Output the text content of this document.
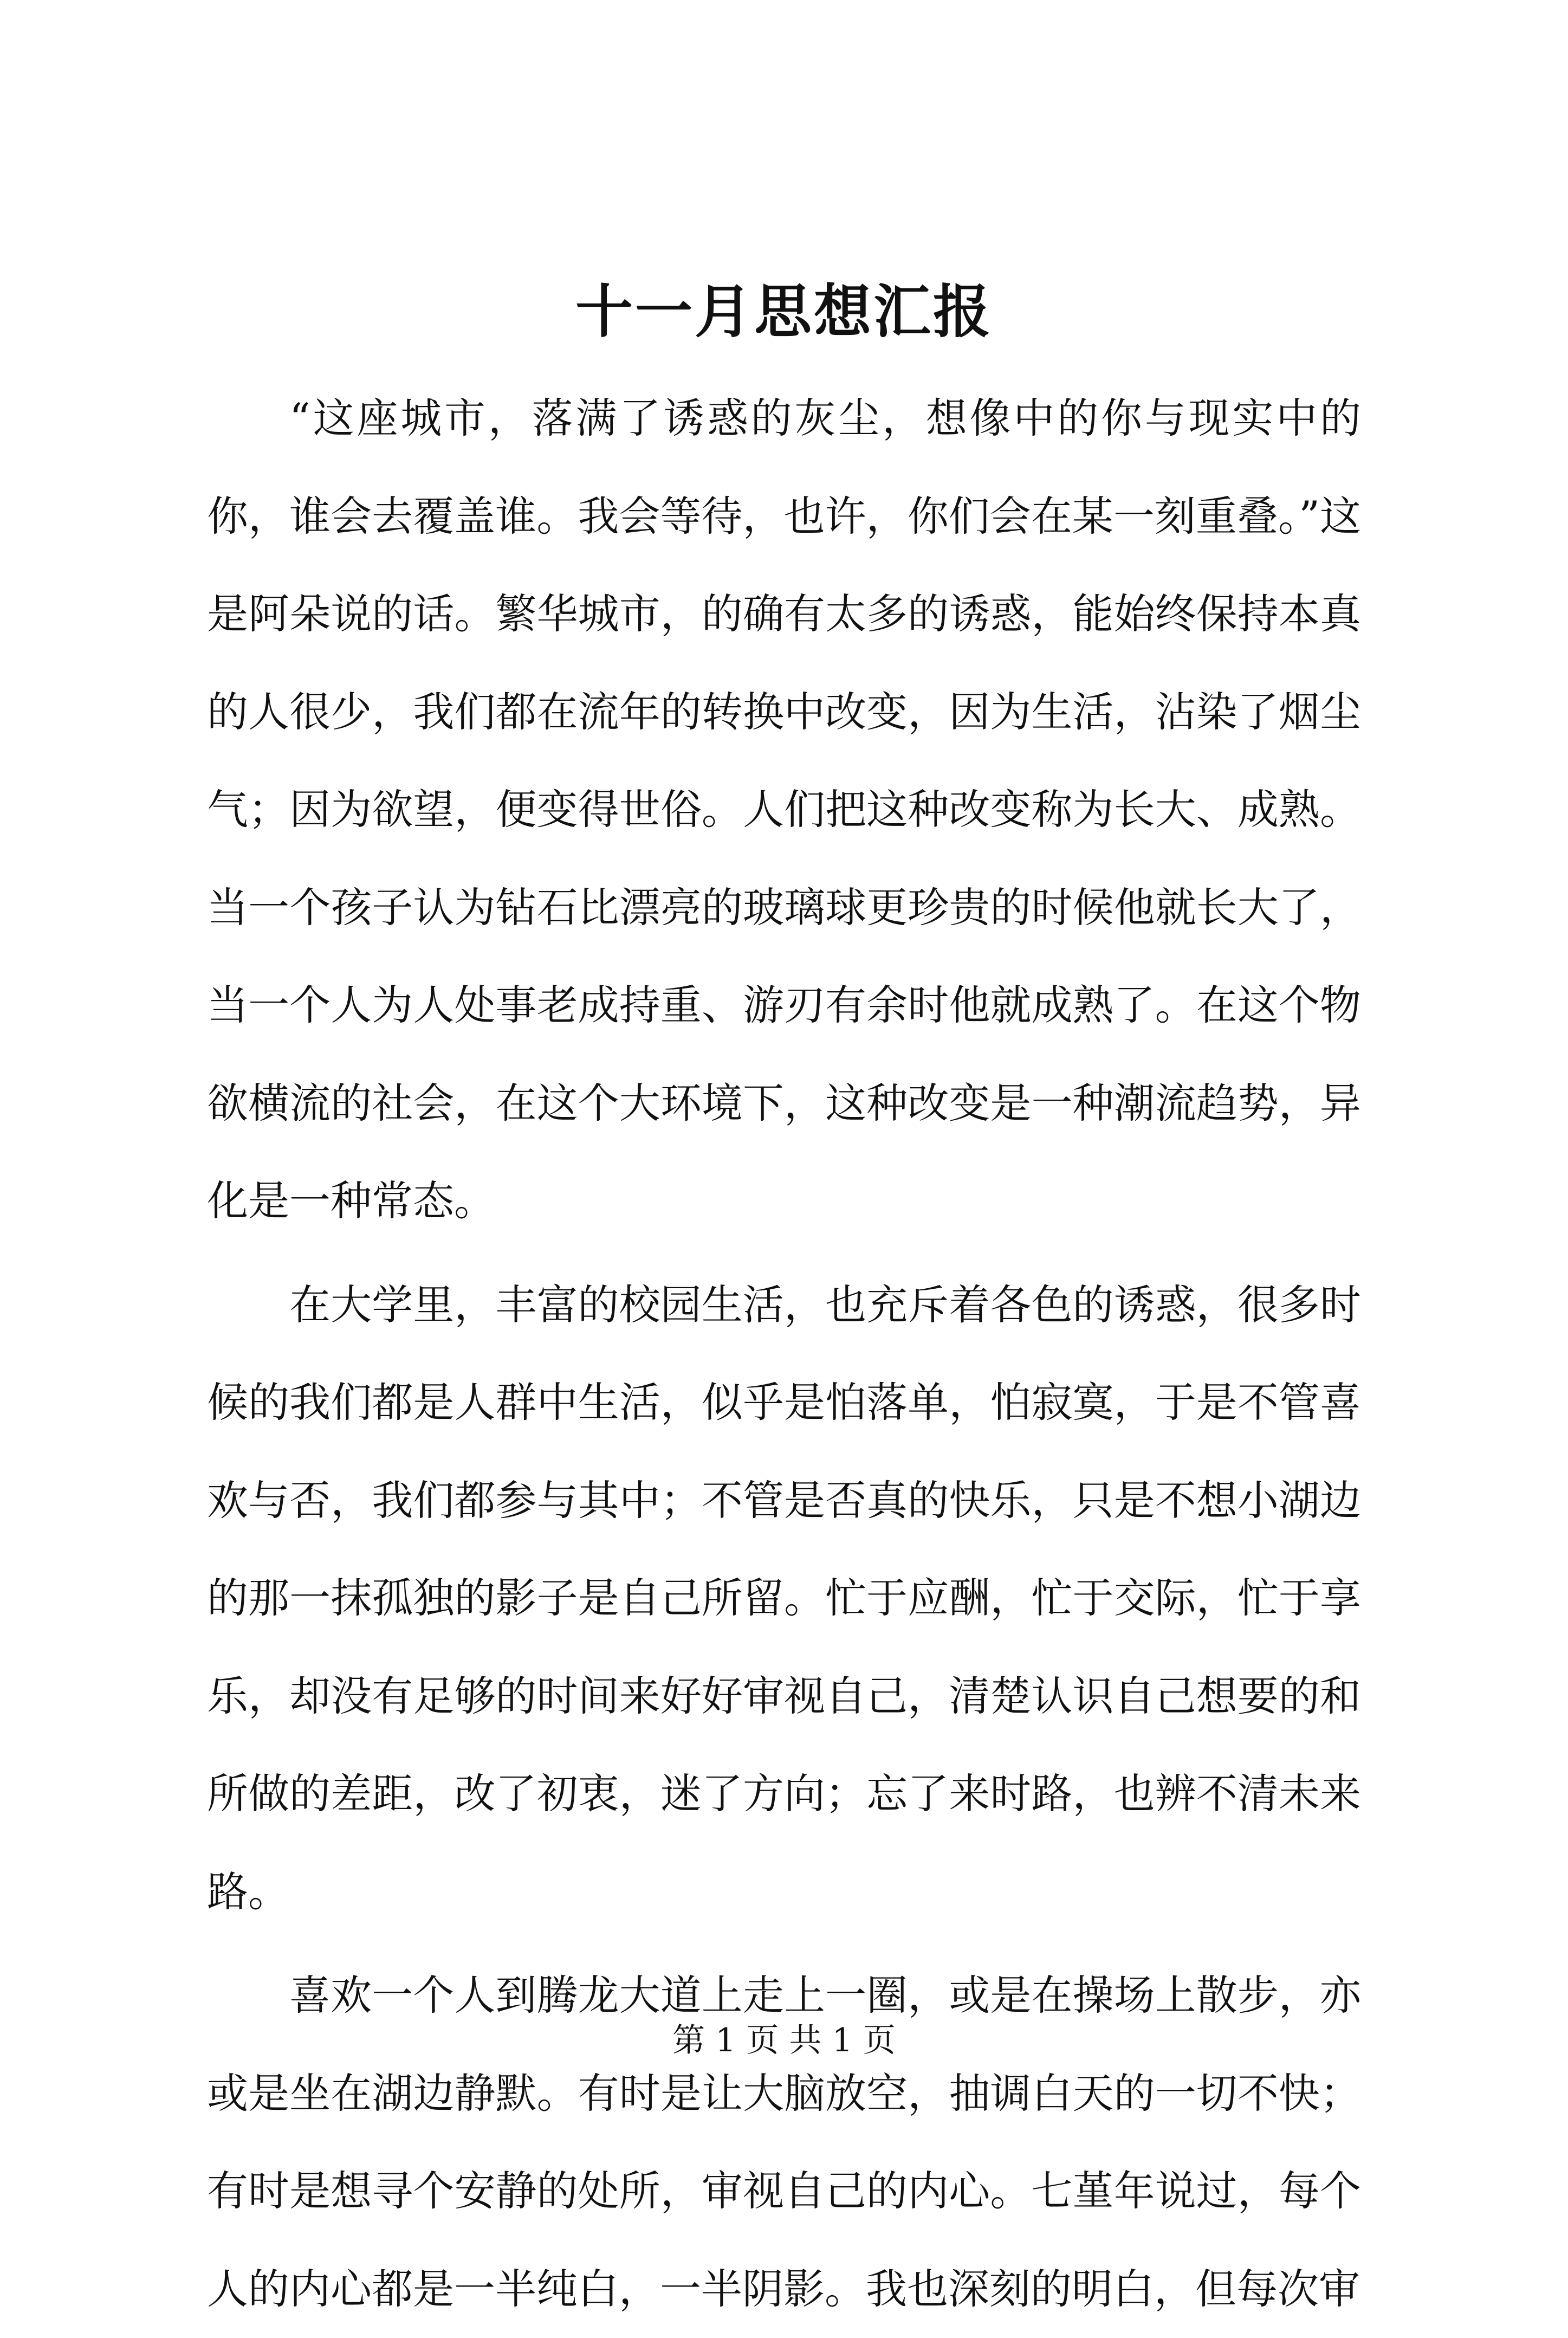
十一月思想汇报

“这座城市，落满了诱惑的灰尘，想像中的你与现实中的你，谁会去覆盖谁。我会等待，也许，你们会在某一刻重叠。”这是阿朵说的话。繁华城市，的确有太多的诱惑，能始终保持本真的人很少，我们都在流年的转换中改变，因为生活，沾染了烟尘气；因为欲望，便变得世俗。人们把这种改变称为长大、成熟。当一个孩子认为钻石比漂亮的玻璃球更珍贵的时候他就长大了，当一个人为人处事老成持重、游刃有余时他就成熟了。在这个物欲横流的社会，在这个大环境下，这种改变是一种潮流趋势，异化是一种常态。

在大学里，丰富的校园生活，也充斥着各色的诱惑，很多时候的我们都是人群中生活，似乎是怕落单，怕寂寞，于是不管喜欢与否，我们都参与其中；不管是否真的快乐，只是不想小湖边的那一抹孤独的影子是自己所留。忙于应酬，忙于交际，忙于享乐，却没有足够的时间来好好审视自己，清楚认识自己想要的和所做的差距，改了初衷，迷了方向；忘了来时路，也辨不清未来路。

喜欢一个人到腾龙大道上走上一圈，或是在操场上散步，亦或是坐在湖边静默。有时是让大脑放空，抽调白天的一切不快；有时是想寻个安静的处所，审视自己的内心。七堇年说过，每个人的内心都是一半纯白，一半阴影。我也深刻的明白，但每次审

第 1 页 共 1 页
